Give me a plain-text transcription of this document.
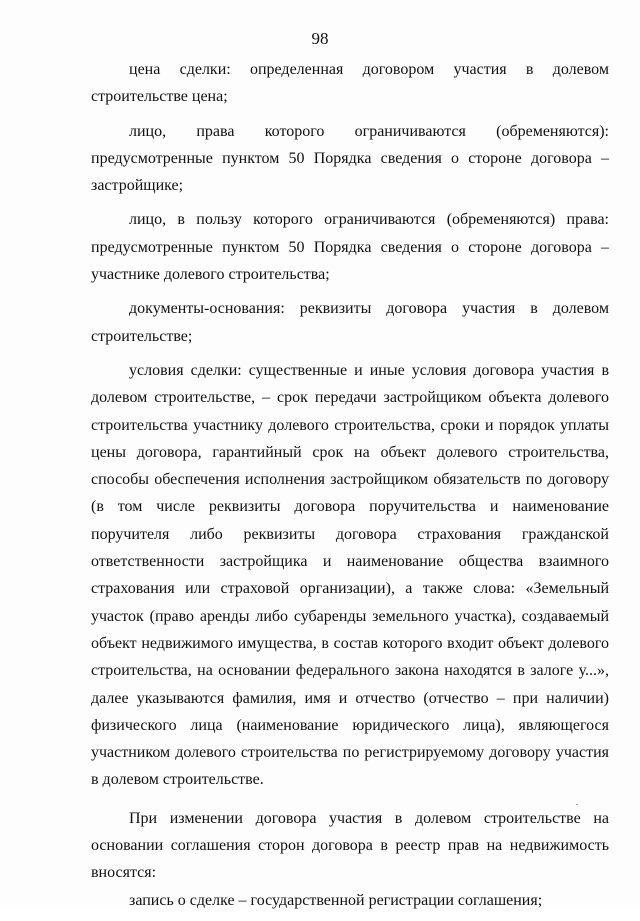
98

цена сделки: определенная договором участия в долевом строительстве цена;

лицо, права которого ограничиваются (обременяются): предусмотренные пунктом 50 Порядка сведения о стороне договора – застройщике;

лицо, в пользу которого ограничиваются (обременяются) права: предусмотренные пунктом 50 Порядка сведения о стороне договора – участнике долевого строительства;

документы-основания: реквизиты договора участия в долевом строительстве;

условия сделки: существенные и иные условия договора участия в долевом строительстве, – срок передачи застройщиком объекта долевого строительства участнику долевого строительства, сроки и порядок уплаты цены договора, гарантийный срок на объект долевого строительства, способы обеспечения исполнения застройщиком обязательств по договору (в том числе реквизиты договора поручительства и наименование поручителя либо реквизиты договора страхования гражданской ответственности застройщика и наименование общества взаимного страхования или страховой организации), а также слова: «Земельный участок (право аренды либо субаренды земельного участка), создаваемый объект недвижимого имущества, в состав которого входит объект долевого строительства, на основании федерального закона находятся в залоге у...», далее указываются фамилия, имя и отчество (отчество – при наличии) физического лица (наименование юридического лица), являющегося участником долевого строительства по регистрируемому договору участия в долевом строительстве.

При изменении договора участия в долевом строительстве на основании соглашения сторон договора в реестр прав на недвижимость вносятся:

запись о сделке – государственной регистрации соглашения;
